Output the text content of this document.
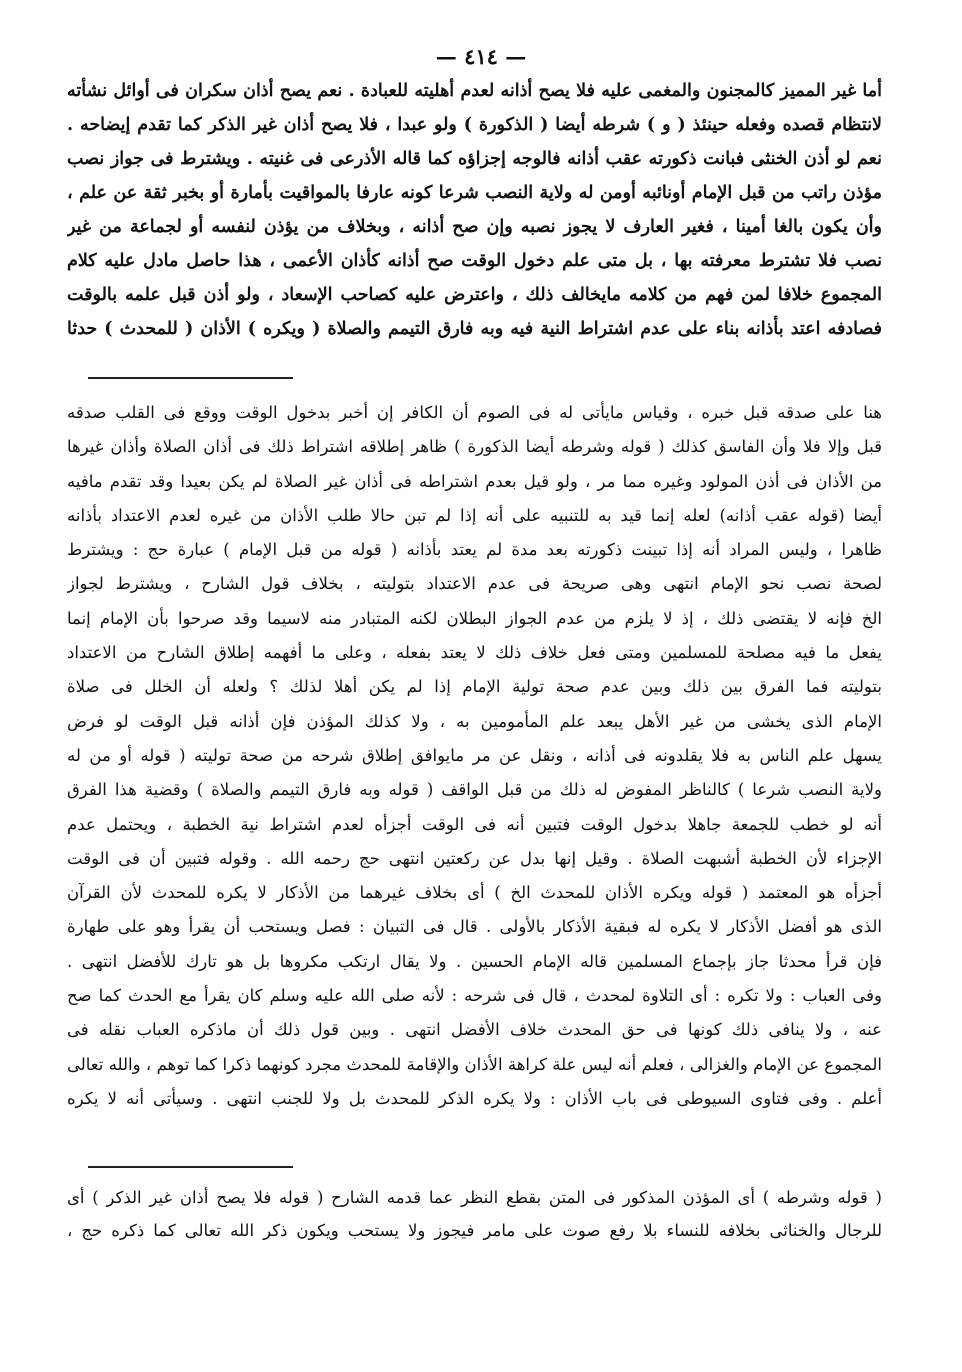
— ٤١٤ —
أما غير المميز كالمجنون والمغمى عليه فلا يصح أذانه لعدم أهليته للعبادة . نعم يصح أذان سكران فى أوائل نشأته
لانتظام قصده وفعله حينئذ ( و ) شرطه أيضا ( الذكورة ) ولو عبدا ، فلا يصح أذان غير الذكر كما تقدم إيضاحه .
نعم لو أذن الخنثى فبانت ذكورته عقب أذانه فالوجه إجزاؤه كما قاله الأذرعى فى غنيته . ويشترط فى جواز نصب
مؤذن راتب من قبل الإمام أونائبه أومن له ولاية النصب شرعا كونه عارفا بالمواقيت بأمارة أو بخبر ثقة عن علم ،
وأن يكون بالغا أمينا ، فغير العارف لا يجوز نصبه وإن صح أذانه ، وبخلاف من يؤذن لنفسه أو لجماعة من غير
نصب فلا تشترط معرفته بها ، بل متى علم دخول الوقت صح أذانه كأذان الأعمى ، هذا حاصل مادل عليه كلام
المجموع خلافا لمن فهم من كلامه مايخالف ذلك ، واعترض عليه كصاحب الإسعاد ، ولو أذن قبل علمه بالوقت
فصادفه اعتد بأذانه بناء على عدم اشتراط النية فيه وبه فارق التيمم والصلاة ( ويكره ) الأذان ( للمحدث ) حدثا
هنا على صدقه قبل خبره ، وقياس مايأتى له فى الصوم أن الكافر إن أخبر بدخول الوقت ووقع فى القلب صدقه
قبل وإلا فلا وأن الفاسق كذلك ( قوله وشرطه أيضا الذكورة ) ظاهر إطلاقه اشتراط ذلك فى أذان الصلاة وأذان غيرها
من الأذان فى أذن المولود وغيره مما مر ، ولو قيل بعدم اشتراطه فى أذان غير الصلاة لم يكن بعيدا وقد تقدم مافيه
أيضا (قوله عقب أذانه) لعله إنما قيد به للتنبيه على أنه إذا لم تبن حالا طلب الأذان من غيره لعدم الاعتداد بأذانه
ظاهرا ، وليس المراد أنه إذا تبينت ذكورته بعد مدة لم يعتد بأذانه ( قوله من قبل الإمام ) عبارة حج : ويشترط
لصحة نصب نحو الإمام انتهى وهى صريحة فى عدم الاعتداد بتوليته ، بخلاف قول الشارح ، ويشترط لجواز
الخ فإنه لا يقتضى ذلك ، إذ لا يلزم من عدم الجواز البطلان لكنه المتبادر منه لاسيما وقد صرحوا بأن الإمام إنما
يفعل ما فيه مصلحة للمسلمين ومتى فعل خلاف ذلك لا يعتد بفعله ، وعلى ما أفهمه إطلاق الشارح من الاعتداد
بتوليته فما الفرق بين ذلك وبين عدم صحة تولية الإمام إذا لم يكن أهلا لذلك ؟ ولعله أن الخلل فى صلاة
الإمام الذى يخشى من غير الأهل يبعد علم المأمومين به ، ولا كذلك المؤذن فإن أذانه قبل الوقت لو فرض
يسهل علم الناس به فلا يقلدونه فى أذانه ، ونقل عن مر مايوافق إطلاق شرحه من صحة توليته ( قوله أو من له
ولاية النصب شرعا ) كالناظر المفوض له ذلك من قبل الواقف ( قوله وبه فارق التيمم والصلاة ) وقضية هذا الفرق
أنه لو خطب للجمعة جاهلا بدخول الوقت فتبين أنه فى الوقت أجزأه لعدم اشتراط نية الخطبة ، ويحتمل عدم
الإجزاء لأن الخطبة أشبهت الصلاة . وقيل إنها بدل عن ركعتين انتهى حج رحمه الله . وقوله فتبين أن فى الوقت
أجزأه هو المعتمد ( قوله ويكره الأذان للمحدث الخ ) أى بخلاف غيرهما من الأذكار لا يكره للمحدث لأن القرآن
الذى هو أفضل الأذكار لا يكره له فبقية الأذكار بالأولى . قال فى التبيان : فصل ويستحب أن يقرأ وهو على طهارة
فإن قرأ محدثا جاز بإجماع المسلمين قاله الإمام الحسين . ولا يقال ارتكب مكروها بل هو تارك للأفضل انتهى .
وفى العباب : ولا تكره : أى التلاوة لمحدث ، قال فى شرحه : لأنه صلى الله عليه وسلم كان يقرأ مع الحدث كما صح
عنه ، ولا ينافى ذلك كونها فى حق المحدث خلاف الأفضل انتهى . وبين قول ذلك أن ماذكره العباب نقله فى
المجموع عن الإمام والغزالى ، فعلم أنه ليس علة كراهة الأذان والإقامة للمحدث مجرد كونهما ذكرا كما توهم ، والله تعالى
أعلم . وفى فتاوى السيوطى فى باب الأذان : ولا يكره الذكر للمحدث بل ولا للجنب انتهى . وسيأتى أنه لا يكره
( قوله وشرطه ) أى المؤذن المذكور فى المتن بقطع النظر عما قدمه الشارح ( قوله فلا يصح أذان غير الذكر ) أى
للرجال والخناثى بخلافه للنساء بلا رفع صوت على مامر فيجوز ولا يستحب ويكون ذكر الله تعالى كما ذكره حج ،
